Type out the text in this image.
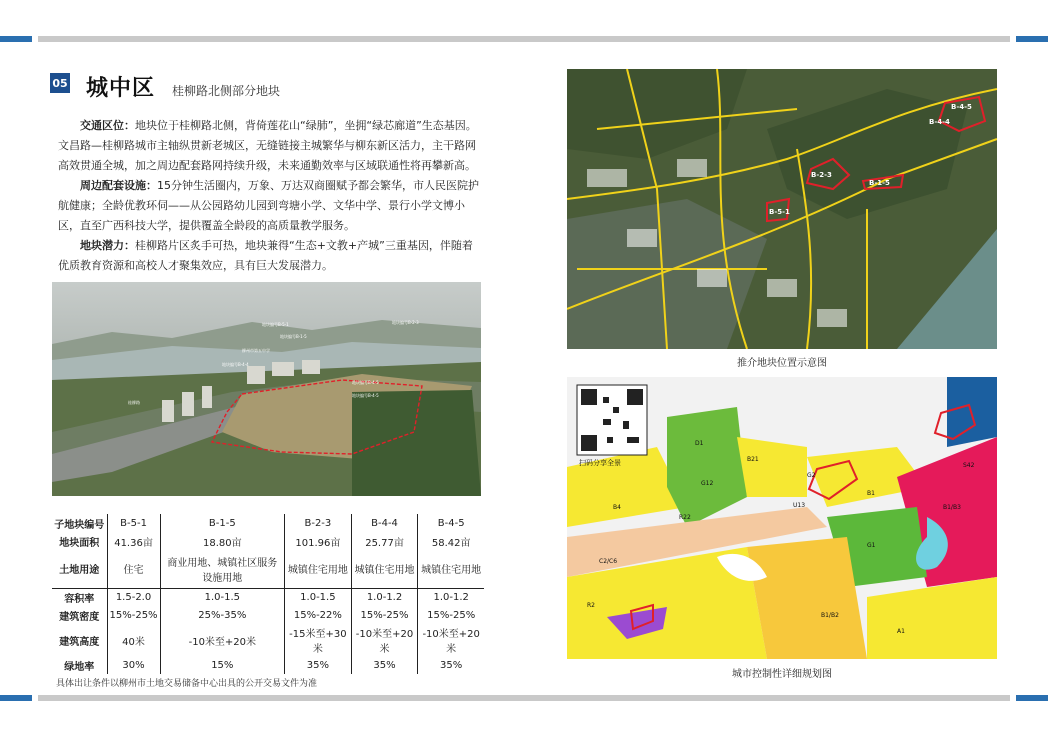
05 城中区 桂柳路北侧部分地块

交通区位：地块位于桂柳路北侧，背倚莲花山“绿肺”，坐拥“绿芯廊道”生态基因。文昌路—桂柳路城市主轴纵贯新老城区，无缝链接主城繁华与柳东新区活力，主干路网高效贯通全城，加之周边配套路网持续升级，未来通勤效率与区域联通性将再攀新高。

周边配套设施：15分钟生活圈内，万象、万达双商圈赋予都会繁华，市人民医院护航健康；全龄优教环伺——从公园路幼儿园到弯塘小学、文华中学、景行小学文博小区，直至广西科技大学，提供覆盖全龄段的高质量教学服务。

地块潜力：桂柳路片区炙手可热，地块兼得“生态+文教+产城”三重基因，伴随着优质教育资源和高校人才聚集效应，具有巨大发展潜力。

地块编号B-5-1
地块编号B-1-5
地块编号B-2-3
地块编号B-4-4
地块编号B-4-5
柳州市第五中学
地块编号B-4-5
桂柳路
子地块编号	B-5-1	B-1-5	B-2-3	B-4-4	B-4-5
地块面积	41.36亩	18.80亩	101.96亩	25.77亩	58.42亩
土地用途	住宅	商业用地、城镇社区服务设施用地	城镇住宅用地	城镇住宅用地	城镇住宅用地
容积率	1.5-2.0	1.0-1.5	1.0-1.5	1.0-1.2	1.0-1.2
建筑密度	15%-25%	25%-35%	15%-22%	15%-25%	15%-25%
建筑高度	40米	-10米至+20米	-15米至+30米	-10米至+20米	-10米至+20米
绿地率	30%	15%	35%	35%	35%
具体出让条件以柳州市土地交易储备中心出具的公开交易文件为准
B-4-5
B-4-4
B-2-3
B-1-5
B-5-1
推介地块位置示意图
扫码分享全景
D1
B21
G12
R22
B1
G2
B1/B3
G1
B4
R2
C2/C6
B1/B2
U13
A1
S42
城市控制性详细规划图
